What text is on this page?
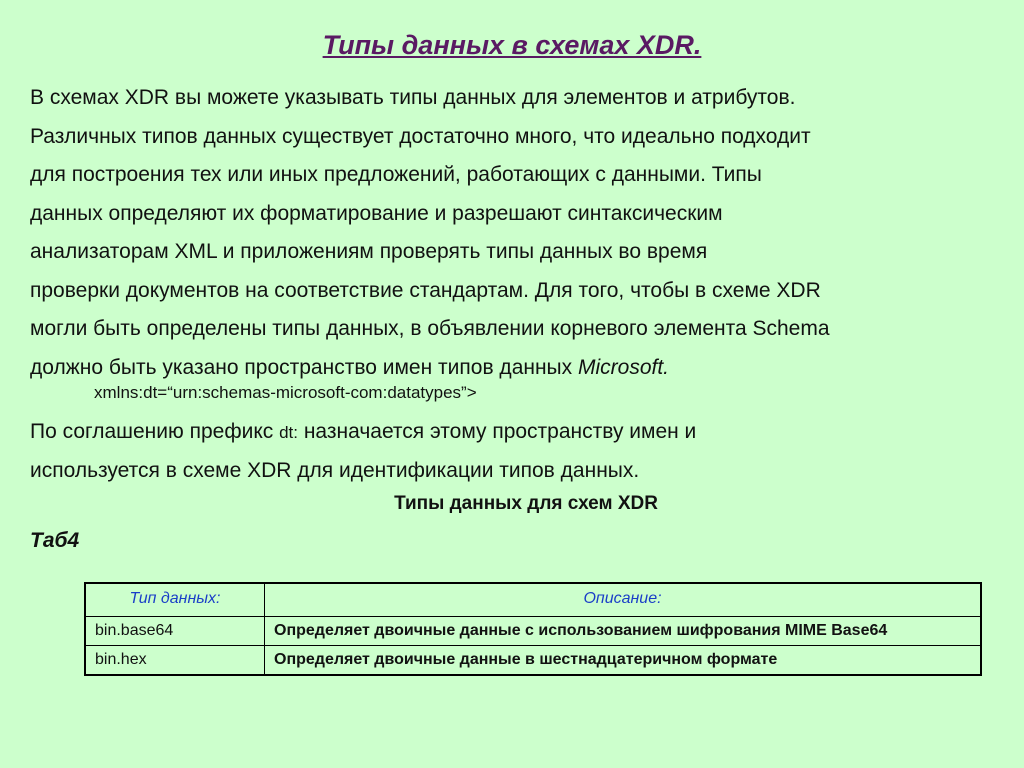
Типы данных в схемах XDR.
В схемах XDR вы можете указывать типы данных для элементов и атрибутов.
Различных типов данных существует достаточно много, что идеально подходит
для построения тех или иных предложений, работающих с данными. Типы
данных определяют их форматирование и разрешают синтаксическим
анализаторам XML и приложениям проверять типы данных во время
проверки документов на соответствие стандартам. Для того, чтобы в схеме XDR
могли быть определены типы данных, в объявлении корневого элемента Schema
должно быть указано пространство имен типов данных Microsoft.
xmlns:dt=“urn:schemas-microsoft-com:datatypes”>
По соглашению префикс dt: назначается этому пространству имен и
используется в схеме XDR для идентификации типов данных.
Типы данных для схем XDR
Таб4
Тип данных:	Описание:
bin.base64	Определяет двоичные данные с использованием шифрования MIME Base64
bin.hex	Определяет двоичные данные в шестнадцатеричном формате
